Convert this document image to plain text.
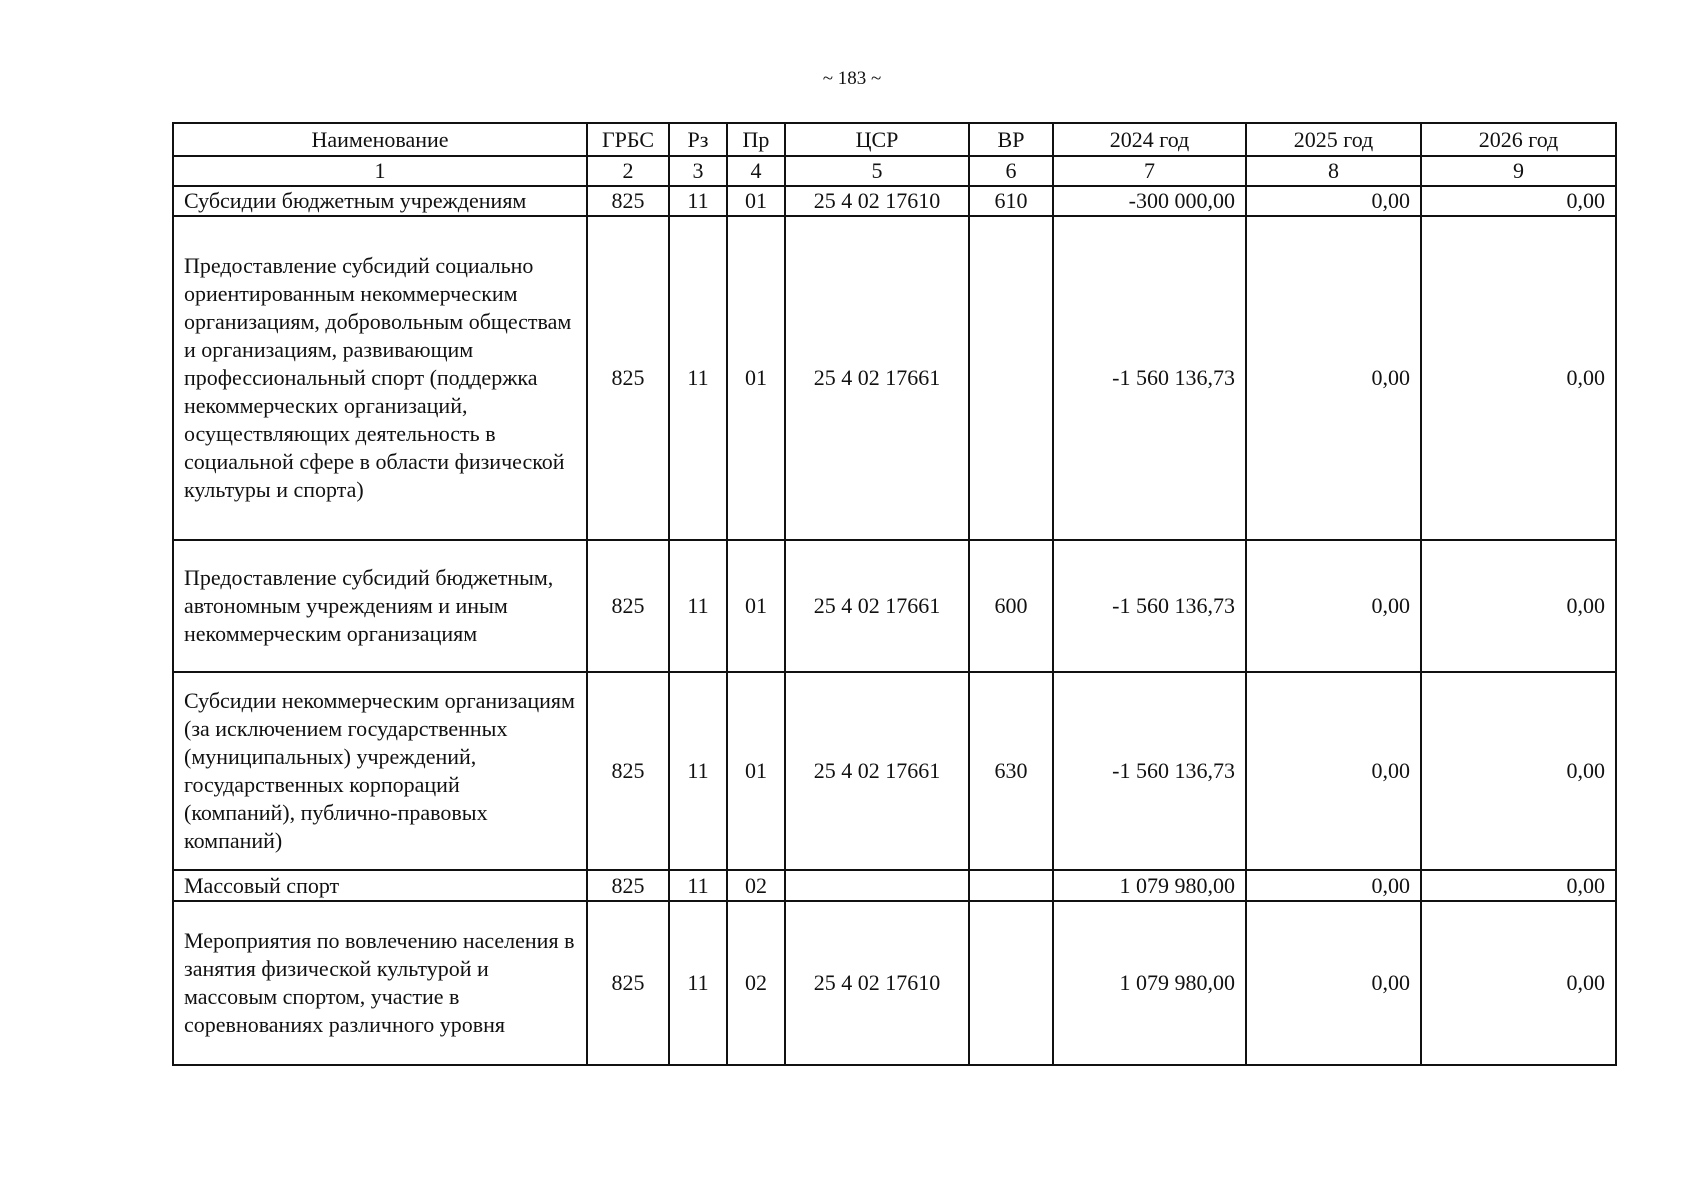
~ 183 ~
Наименование	ГРБС	Рз	Пр	ЦСР	ВР	2024 год	2025 год	2026 год
1	2	3	4	5	6	7	8	9
Субсидии бюджетным учреждениям	825	11	01	25 4 02 17610	610	-300 000,00	0,00	0,00
Предоставление субсидий социально ориентированным некоммерческим организациям, добровольным обществам и организациям, развивающим профессиональный спорт (поддержка некоммерческих организаций, осуществляющих деятельность в социальной сфере в области физической культуры и спорта)	825	11	01	25 4 02 17661		-1 560 136,73	0,00	0,00
Предоставление субсидий бюджетным, автономным учреждениям и иным некоммерческим организациям	825	11	01	25 4 02 17661	600	-1 560 136,73	0,00	0,00
Субсидии некоммерческим организациям (за исключением государственных (муниципальных) учреждений, государственных корпораций (компаний), публично-правовых компаний)	825	11	01	25 4 02 17661	630	-1 560 136,73	0,00	0,00
Массовый спорт	825	11	02			1 079 980,00	0,00	0,00
Мероприятия по вовлечению населения в занятия физической культурой и массовым спортом, участие в соревнованиях различного уровня	825	11	02	25 4 02 17610		1 079 980,00	0,00	0,00
